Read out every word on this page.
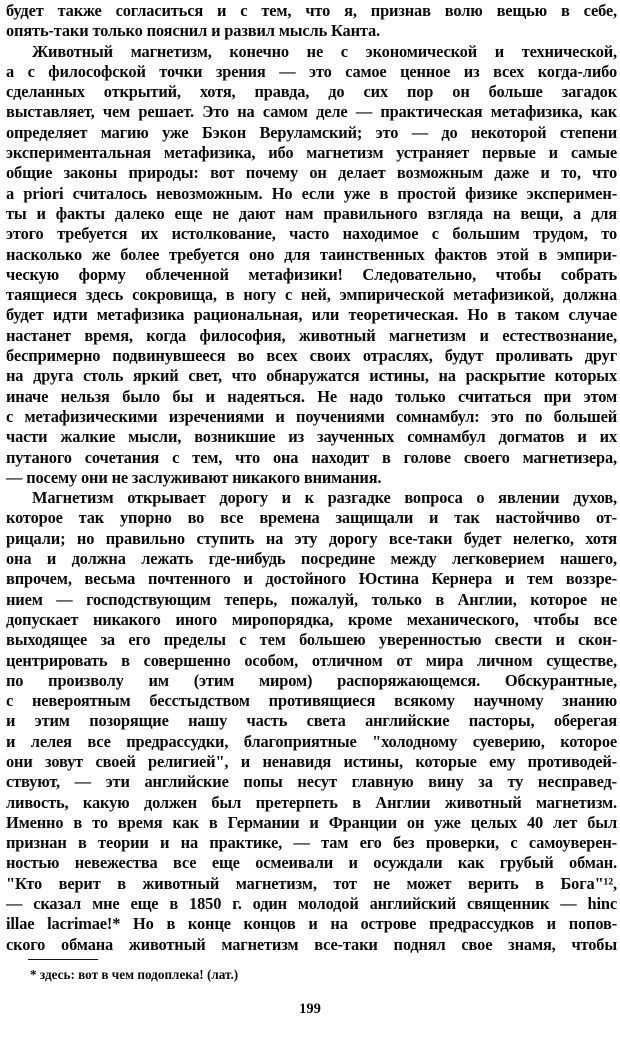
будет также согласиться и с тем, что я, признав волю вещью в себе,
опять-таки только пояснил и развил мысль Канта.
Животный магнетизм, конечно не с экономической и технической,
а с философской точки зрения — это самое ценное из всех когда-либо
сделанных открытий, хотя, правда, до сих пор он больше загадок
выставляет, чем решает. Это на самом деле — практическая метафизика, как
определяет магию уже Бэкон Веруламский; это — до некоторой степени
экспериментальная метафизика, ибо магнетизм устраняет первые и самые
общие законы природы: вот почему он делает возможным даже и то, что
a priori считалось невозможным. Но если уже в простой физике эксперимен-
ты и факты далеко еще не дают нам правильного взгляда на вещи, а для
этого требуется их истолкование, часто находимое с большим трудом, то
насколько же более требуется оно для таинственных фактов этой в эмпири-
ческую форму облеченной метафизики! Следовательно, чтобы собрать
таящиеся здесь сокровища, в ногу с ней, эмпирической метафизикой, должна
будет идти метафизика рациональная, или теоретическая. Но в таком случае
настанет время, когда философия, животный магнетизм и естествознание,
беспримерно подвинувшееся во всех своих отраслях, будут проливать друг
на друга столь яркий свет, что обнаружатся истины, на раскрытие которых
иначе нельзя было бы и надеяться. Не надо только считаться при этом
с метафизическими изречениями и поучениями сомнамбул: это по большей
части жалкие мысли, возникшие из заученных сомнамбул догматов и их
путаного сочетания с тем, что она находит в голове своего магнетизера,
— посему они не заслуживают никакого внимания.
Магнетизм открывает дорогу и к разгадке вопроса о явлении духов,
которое так упорно во все времена защищали и так настойчиво от-
рицали; но правильно ступить на эту дорогу все-таки будет нелегко, хотя
она и должна лежать где-нибудь посредине между легковерием нашего,
впрочем, весьма почтенного и достойного Юстина Кернера и тем воззре-
нием — господствующим теперь, пожалуй, только в Англии, которое не
допускает никакого иного миропорядка, кроме механического, чтобы все
выходящее за его пределы с тем большею уверенностью свести и скон-
центрировать в совершенно особом, отличном от мира личном существе,
по произволу им (этим миром) распоряжающемся. Обскурантные,
с невероятным бесстыдством противящиеся всякому научному знанию
и этим позорящие нашу часть света английские пасторы, оберегая
и лелея все предрассудки, благоприятные "холодному суеверию, которое
они зовут своей религией", и ненавидя истины, которые ему противодей-
ствуют, — эти английские попы несут главную вину за ту несправед-
ливость, какую должен был претерпеть в Англии животный магнетизм.
Именно в то время как в Германии и Франции он уже целых 40 лет был
признан в теории и на практике, — там его без проверки, с самоуверен-
ностью невежества все еще осмеивали и осуждали как грубый обман.
"Кто верит в животный магнетизм, тот не может верить в Бога"¹²,
— сказал мне еще в 1850 г. один молодой английский священник — hinc
illae lacrimae!* Но в конце концов и на острове предрассудков и попов-
ского обмана животный магнетизм все-таки поднял свое знамя, чтобы
* здесь: вот в чем подоплека! (лат.)
199
